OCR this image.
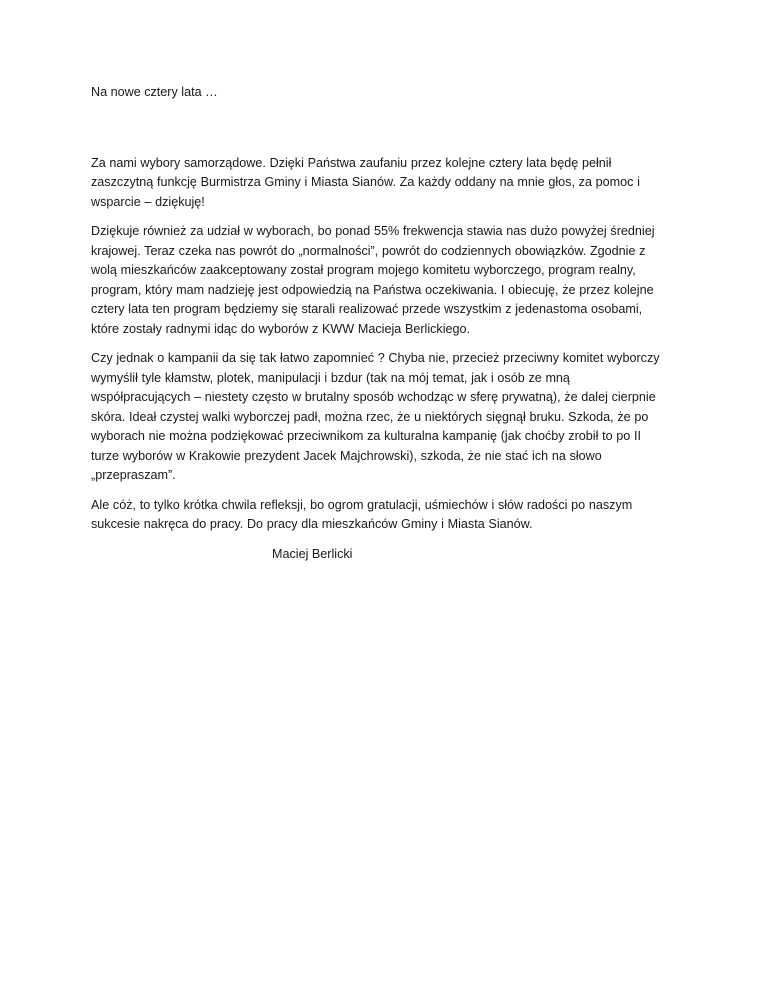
Na nowe cztery lata …

Za nami wybory samorządowe. Dzięki Państwa zaufaniu przez kolejne cztery lata będę pełnił
zaszczytną funkcję Burmistrza Gminy i Miasta Sianów. Za każdy oddany na mnie głos, za pomoc i
wsparcie – dziękuję!

Dziękuje również za udział w wyborach, bo ponad 55% frekwencja stawia nas dużo powyżej średniej
krajowej. Teraz czeka nas powrót do „normalności”, powrót do codziennych obowiązków. Zgodnie z
wolą mieszkańców zaakceptowany został program mojego komitetu wyborczego, program realny,
program, który mam nadzieję jest odpowiedzią na Państwa oczekiwania. I obiecuję, że przez kolejne
cztery lata ten program będziemy się starali realizować przede wszystkim z jedenastoma osobami,
które zostały radnymi idąc do wyborów z KWW Macieja Berlickiego.

Czy jednak o kampanii da się tak łatwo zapomnieć ? Chyba nie, przecież przeciwny komitet wyborczy
wymyślił tyle kłamstw, plotek, manipulacji i bzdur (tak na mój temat, jak i osób ze mną
współpracujących – niestety często w brutalny sposób wchodząc w sferę prywatną), że dalej cierpnie
skóra. Ideał czystej walki wyborczej padł, można rzec, że u niektórych sięgnął bruku. Szkoda, że po
wyborach nie można podziękować przeciwnikom za kulturalna kampanię (jak choćby zrobił to po II
turze wyborów w Krakowie prezydent Jacek Majchrowski), szkoda, że nie stać ich na słowo
„przepraszam”.

Ale cóż, to tylko krótka chwila refleksji, bo ogrom gratulacji, uśmiechów i słów radości po naszym
sukcesie nakręca do pracy. Do pracy dla mieszkańców Gminy i Miasta Sianów.

Maciej Berlicki
